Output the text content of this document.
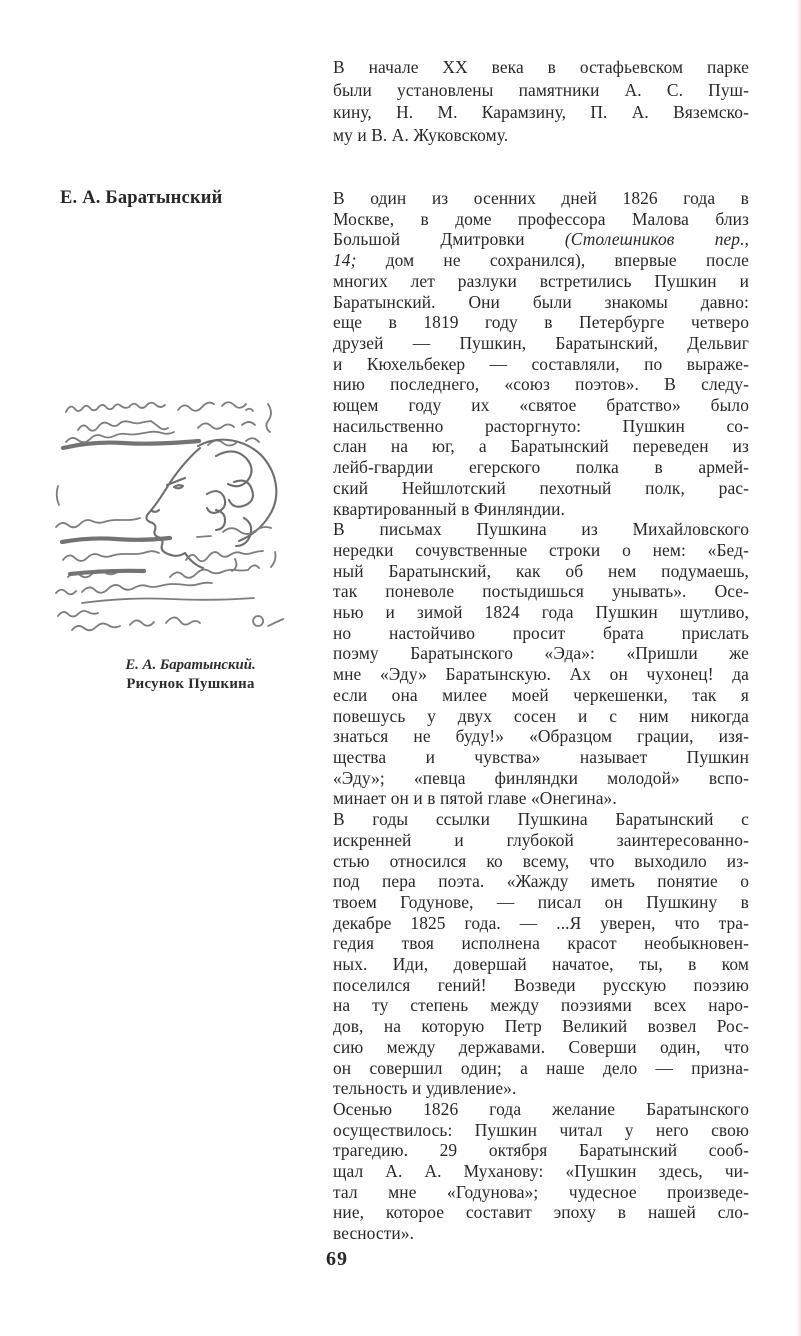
В начале XX века в остафьевском парке
были установлены памятники А. С. Пуш-
кину, Н. М. Карамзину, П. А. Вяземско-
му и В. А. Жуковскому.
Е. А. Баратынский	В один из осенних дней 1826 года в
Москве, в доме профессора Малова близ
Большой Дмитровки (Столешников пер.,
14; дом не сохранился), впервые после
многих лет разлуки встретились Пушкин и
Баратынский. Они были знакомы давно:
еще в 1819 году в Петербурге четверо
друзей — Пушкин, Баратынский, Дельвиг
и Кюхельбекер — составляли, по выраже-
нию последнего, «союз поэтов». В следу-
ющем году их «святое братство» было
насильственно расторгнуто: Пушкин со-
слан на юг, а Баратынский переведен из
лейб-гвардии егерского полка в армей-
ский Нейшлотский пехотный полк, рас-
квартированный в Финляндии.
В письмах Пушкина из Михайловского
нередки сочувственные строки о нем: «Бед-
ный Баратынский, как об нем подумаешь,
так поневоле постыдишься унывать». Осе-
нью и зимой 1824 года Пушкин шутливо,
но настойчиво просит брата прислать
поэму Баратынского «Эда»: «Пришли же
мне «Эду» Баратынскую. Ах он чухонец! да
если она милее моей черкешенки, так я
повешусь у двух сосен и с ним никогда
знаться не буду!» «Образцом грации, изя-
щества и чувства» называет Пушкин
«Эду»; «певца финляндки молодой» вспо-
минает он и в пятой главе «Онегина».
В годы ссылки Пушкина Баратынский с
искренней и глубокой заинтересованно-
стью относился ко всему, что выходило из-
под пера поэта. «Жажду иметь понятие о
твоем Годунове, — писал он Пушкину в
декабре 1825 года. — ...Я уверен, что тра-
гедия твоя исполнена красот необыкновен-
ных. Иди, довершай начатое, ты, в ком
поселился гений! Возведи русскую поэзию
на ту степень между поэзиями всех наро-
дов, на которую Петр Великий возвел Рос-
сию между державами. Соверши один, что
он совершил один; а наше дело — призна-
тельность и удивление».
Осенью 1826 года желание Баратынского
осуществилось: Пушкин читал у него свою
трагедию. 29 октября Баратынский сооб-
щал А. А. Муханову: «Пушкин здесь, чи-
тал мне «Годунова»; чудесное произведе-
ние, которое составит эпоху в нашей сло-
весности».
Е. А. Баратынский.
Рисунок Пушкина
69
